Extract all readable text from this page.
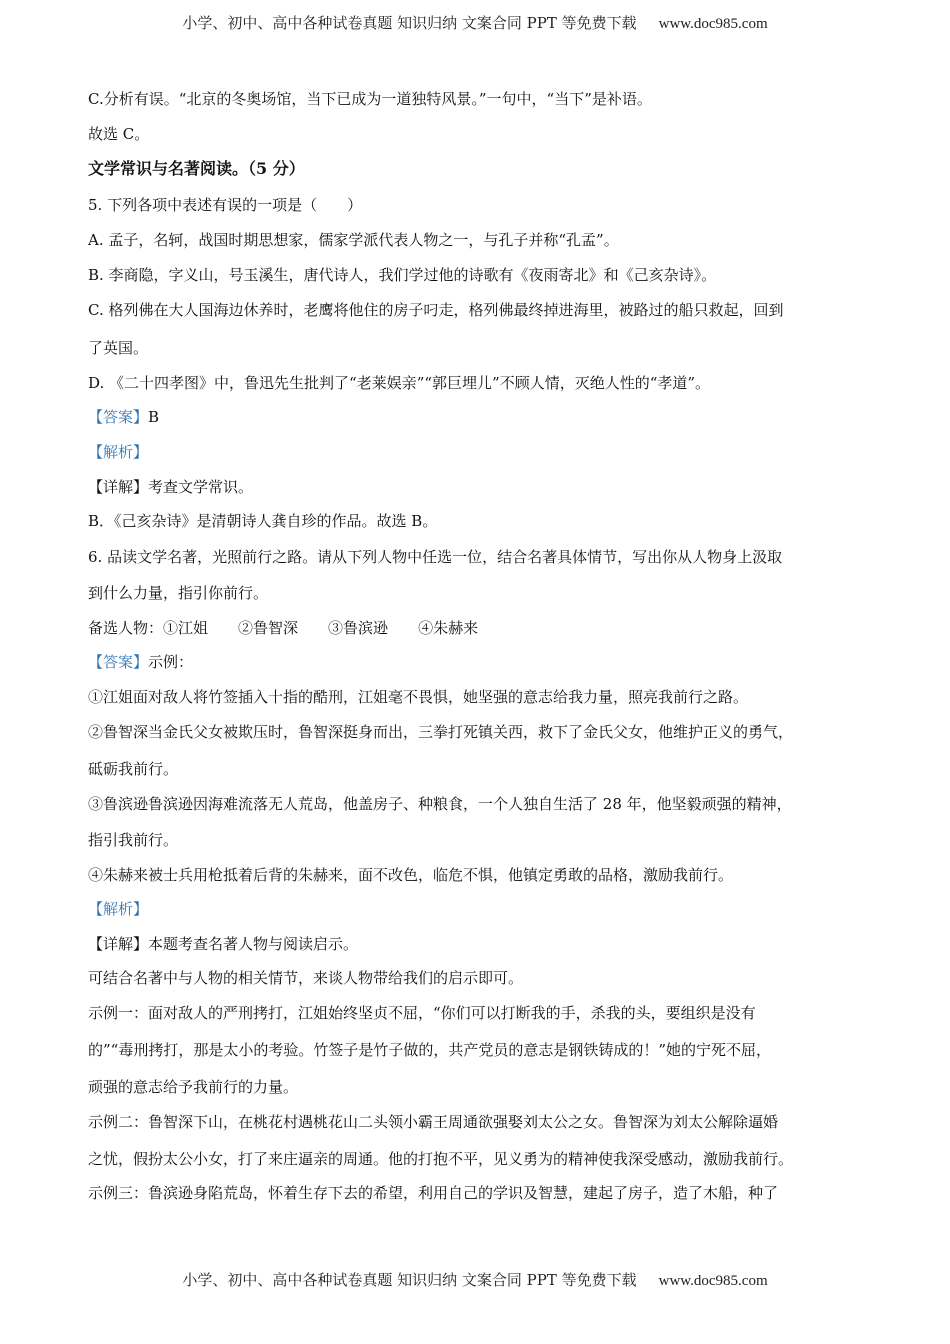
小学、初中、高中各种试卷真题 知识归纳 文案合同 PPT 等免费下载 www.doc985.com

C.分析有误。“北京的冬奥场馆，当下已成为一道独特风景。”一句中，“当下”是补语。

故选 C。

文学常识与名著阅读。（5 分）

5. 下列各项中表述有误的一项是（　　）

A. 孟子，名轲，战国时期思想家，儒家学派代表人物之一，与孔子并称“孔孟”。

B. 李商隐，字义山，号玉溪生，唐代诗人，我们学过他的诗歌有《夜雨寄北》和《己亥杂诗》。

C. 格列佛在大人国海边休养时，老鹰将他住的房子叼走，格列佛最终掉进海里，被路过的船只救起，回到

了英国。

D. 《二十四孝图》中，鲁迅先生批判了“老莱娱亲”“郭巨埋儿”不顾人情，灭绝人性的“孝道”。

【答案】B

【解析】

【详解】考查文学常识。

B．《己亥杂诗》是清朝诗人龚自珍的作品。故选 B。

6. 品读文学名著，光照前行之路。请从下列人物中任选一位，结合名著具体情节，写出你从人物身上汲取

到什么力量，指引你前行。

备选人物：①江姐 ②鲁智深 ③鲁滨逊 ④朱赫来

【答案】示例：

①江姐面对敌人将竹签插入十指的酷刑，江姐毫不畏惧，她坚强的意志给我力量，照亮我前行之路。

②鲁智深当金氏父女被欺压时，鲁智深挺身而出，三拳打死镇关西，救下了金氏父女，他维护正义的勇气，

砥砺我前行。

③鲁滨逊鲁滨逊因海难流落无人荒岛，他盖房子、种粮食，一个人独自生活了 28 年，他坚毅顽强的精神，

指引我前行。

④朱赫来被士兵用枪抵着后背的朱赫来，面不改色，临危不惧，他镇定勇敢的品格，激励我前行。

【解析】

【详解】本题考查名著人物与阅读启示。

可结合名著中与人物的相关情节，来谈人物带给我们的启示即可。

示例一：面对敌人的严刑拷打，江姐始终坚贞不屈，“你们可以打断我的手，杀我的头，要组织是没有

的”“毒刑拷打，那是太小的考验。竹签子是竹子做的，共产党员的意志是钢铁铸成的！”她的宁死不屈，

顽强的意志给予我前行的力量。

示例二：鲁智深下山，在桃花村遇桃花山二头领小霸王周通欲强娶刘太公之女。鲁智深为刘太公解除逼婚

之忧，假扮太公小女，打了来庄逼亲的周通。他的打抱不平，见义勇为的精神使我深受感动，激励我前行。

示例三：鲁滨逊身陷荒岛，怀着生存下去的希望，利用自己的学识及智慧，建起了房子，造了木船，种了

小学、初中、高中各种试卷真题 知识归纳 文案合同 PPT 等免费下载 www.doc985.com
